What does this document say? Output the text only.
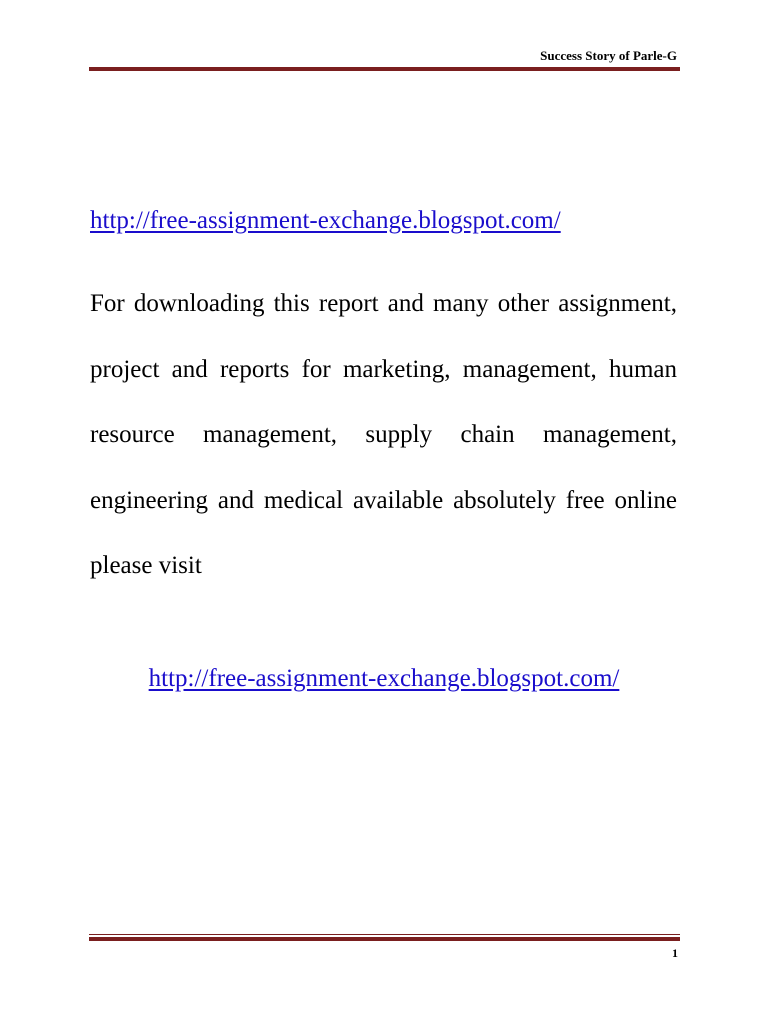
Success Story of Parle-G
http://free-assignment-exchange.blogspot.com/

For downloading this report and many other assignment, project and reports for marketing, management, human resource management, supply chain management, engineering and medical available absolutely free online please visit

http://free-assignment-exchange.blogspot.com/
1
